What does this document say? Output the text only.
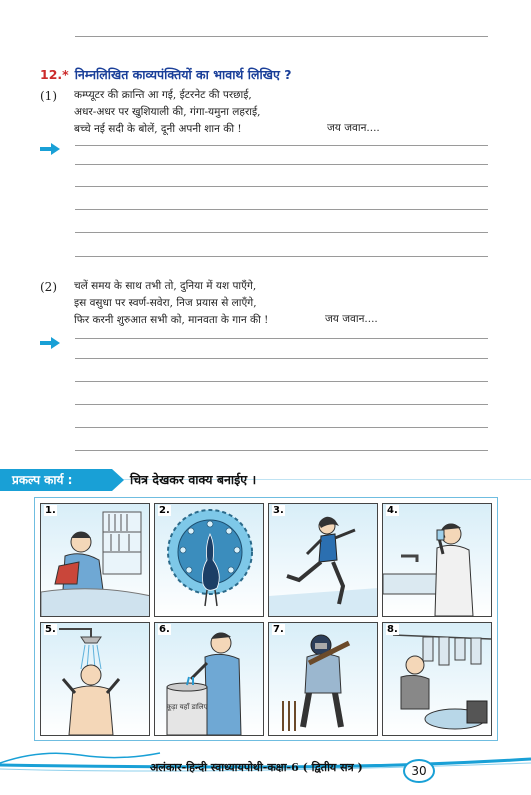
12.* निम्नलिखित काव्यपंक्तियों का भावार्थ लिखिए ?
(1) कम्प्यूटर की क्रान्ति आ गई, ईटरनेट की परछाई,
अधर-अधर पर खुशियाली की, गंगा-यमुना लहराई,
बच्चे नई सदी के बोलें, दूनी अपनी शान की !	जय जवान....
(2) चलें समय के साथ तभी तो, दुनिया में यश पाएँगे,
इस वसुधा पर स्वर्ण-सवेरा, निज प्रयास से लाएँगे,
फिर करनी शुरुआत सभी को, मानवता के गान की !	जय जवान....
प्रकल्प कार्य :	चित्र देखकर वाक्य बनाईए ।
1.	2.	3.	4.
5.
कूड़ा यहाँ डालिए
6.	7.	8.
अलंकार-हिन्दी स्वाध्यायपोथी-कक्षा-6 ( द्वितीय सत्र )	30
